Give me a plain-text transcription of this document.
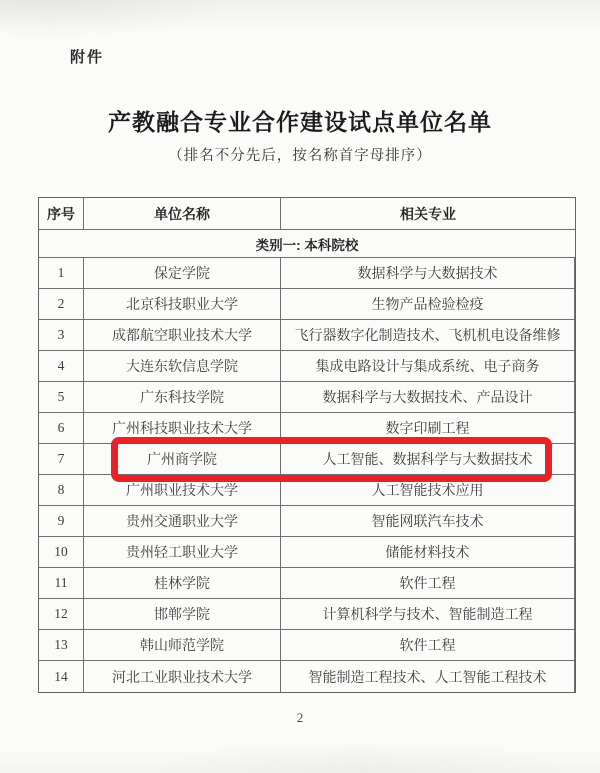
附件
产教融合专业合作建设试点单位名单
（排名不分先后，按名称首字母排序）
序号	单位名称	相关专业
类别一: 本科院校
1	保定学院	数据科学与大数据技术
2	北京科技职业大学	生物产品检验检疫
3	成都航空职业技术大学	飞行器数字化制造技术、飞机机电设备维修
4	大连东软信息学院	集成电路设计与集成系统、电子商务
5	广东科技学院	数据科学与大数据技术、产品设计
6	广州科技职业技术大学	数字印刷工程
7	广州商学院	人工智能、数据科学与大数据技术
8	广州职业技术大学	人工智能技术应用
9	贵州交通职业大学	智能网联汽车技术
10	贵州轻工职业大学	储能材料技术
11	桂林学院	软件工程
12	邯郸学院	计算机科学与技术、智能制造工程
13	韩山师范学院	软件工程
14	河北工业职业技术大学	智能制造工程技术、人工智能工程技术
2
